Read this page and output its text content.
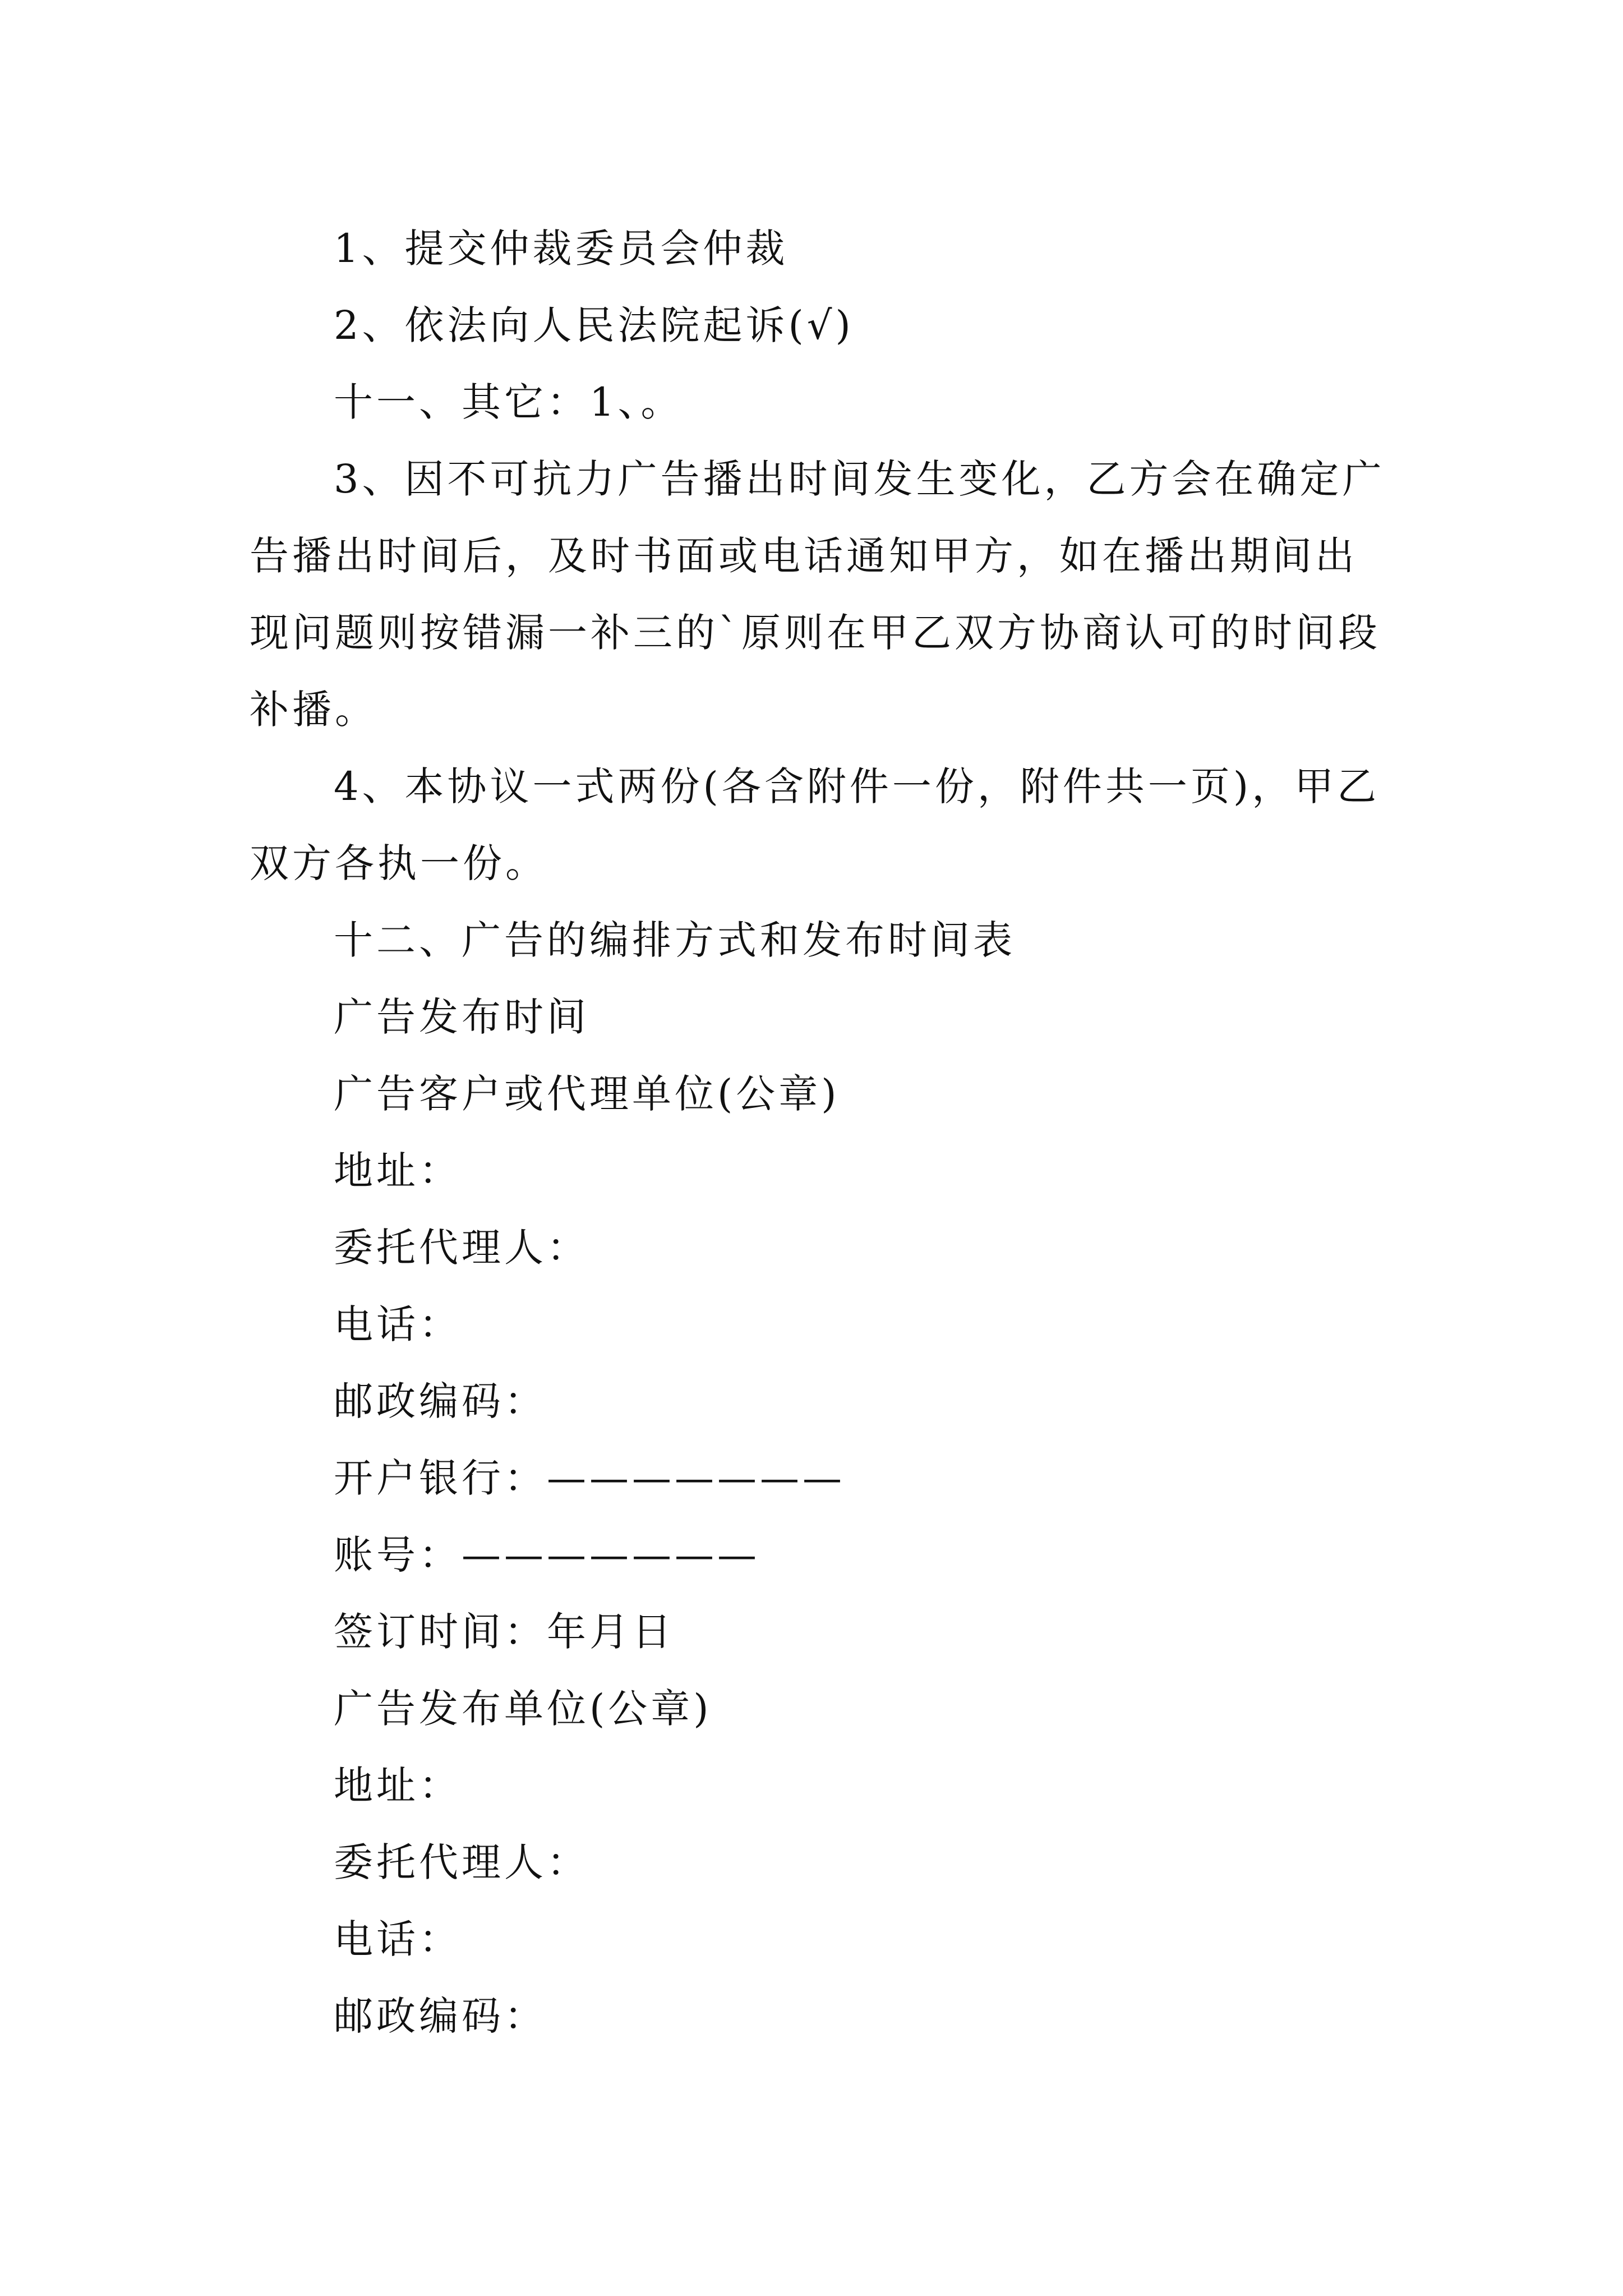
1、提交仲裁委员会仲裁

2、依法向人民法院起诉(√)

十一、其它：1、。

3、因不可抗力广告播出时间发生变化，乙方会在确定广告播出时间后，及时书面或电话通知甲方，如在播出期间出现问题则按错漏一补三的`原则在甲乙双方协商认可的时间段补播。

4、本协议一式两份(各含附件一份，附件共一页)，甲乙双方各执一份。

十二、广告的编排方式和发布时间表

广告发布时间

广告客户或代理单位(公章)

地址：

委托代理人：

电话：

邮政编码：

开户银行：———————

账号：———————

签订时间：年月日

广告发布单位(公章)

地址：

委托代理人：

电话：

邮政编码：
